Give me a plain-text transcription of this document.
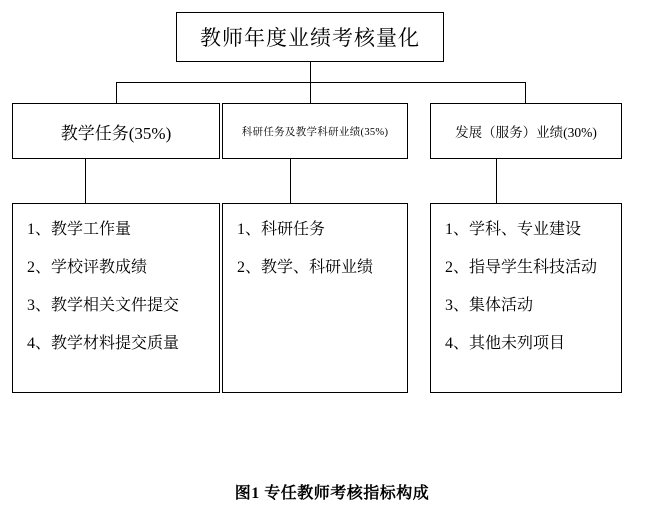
教师年度业绩考核量化
教学任务(35%)	科研任务及教学科研业绩(35%)	发展（服务）业绩(30%)
1、教学工作量
2、学校评教成绩
3、教学相关文件提交
4、教学材料提交质量
1、科研任务
2、教学、科研业绩
1、学科、专业建设
2、指导学生科技活动
3、集体活动
4、其他未列项目
图1 专任教师考核指标构成
